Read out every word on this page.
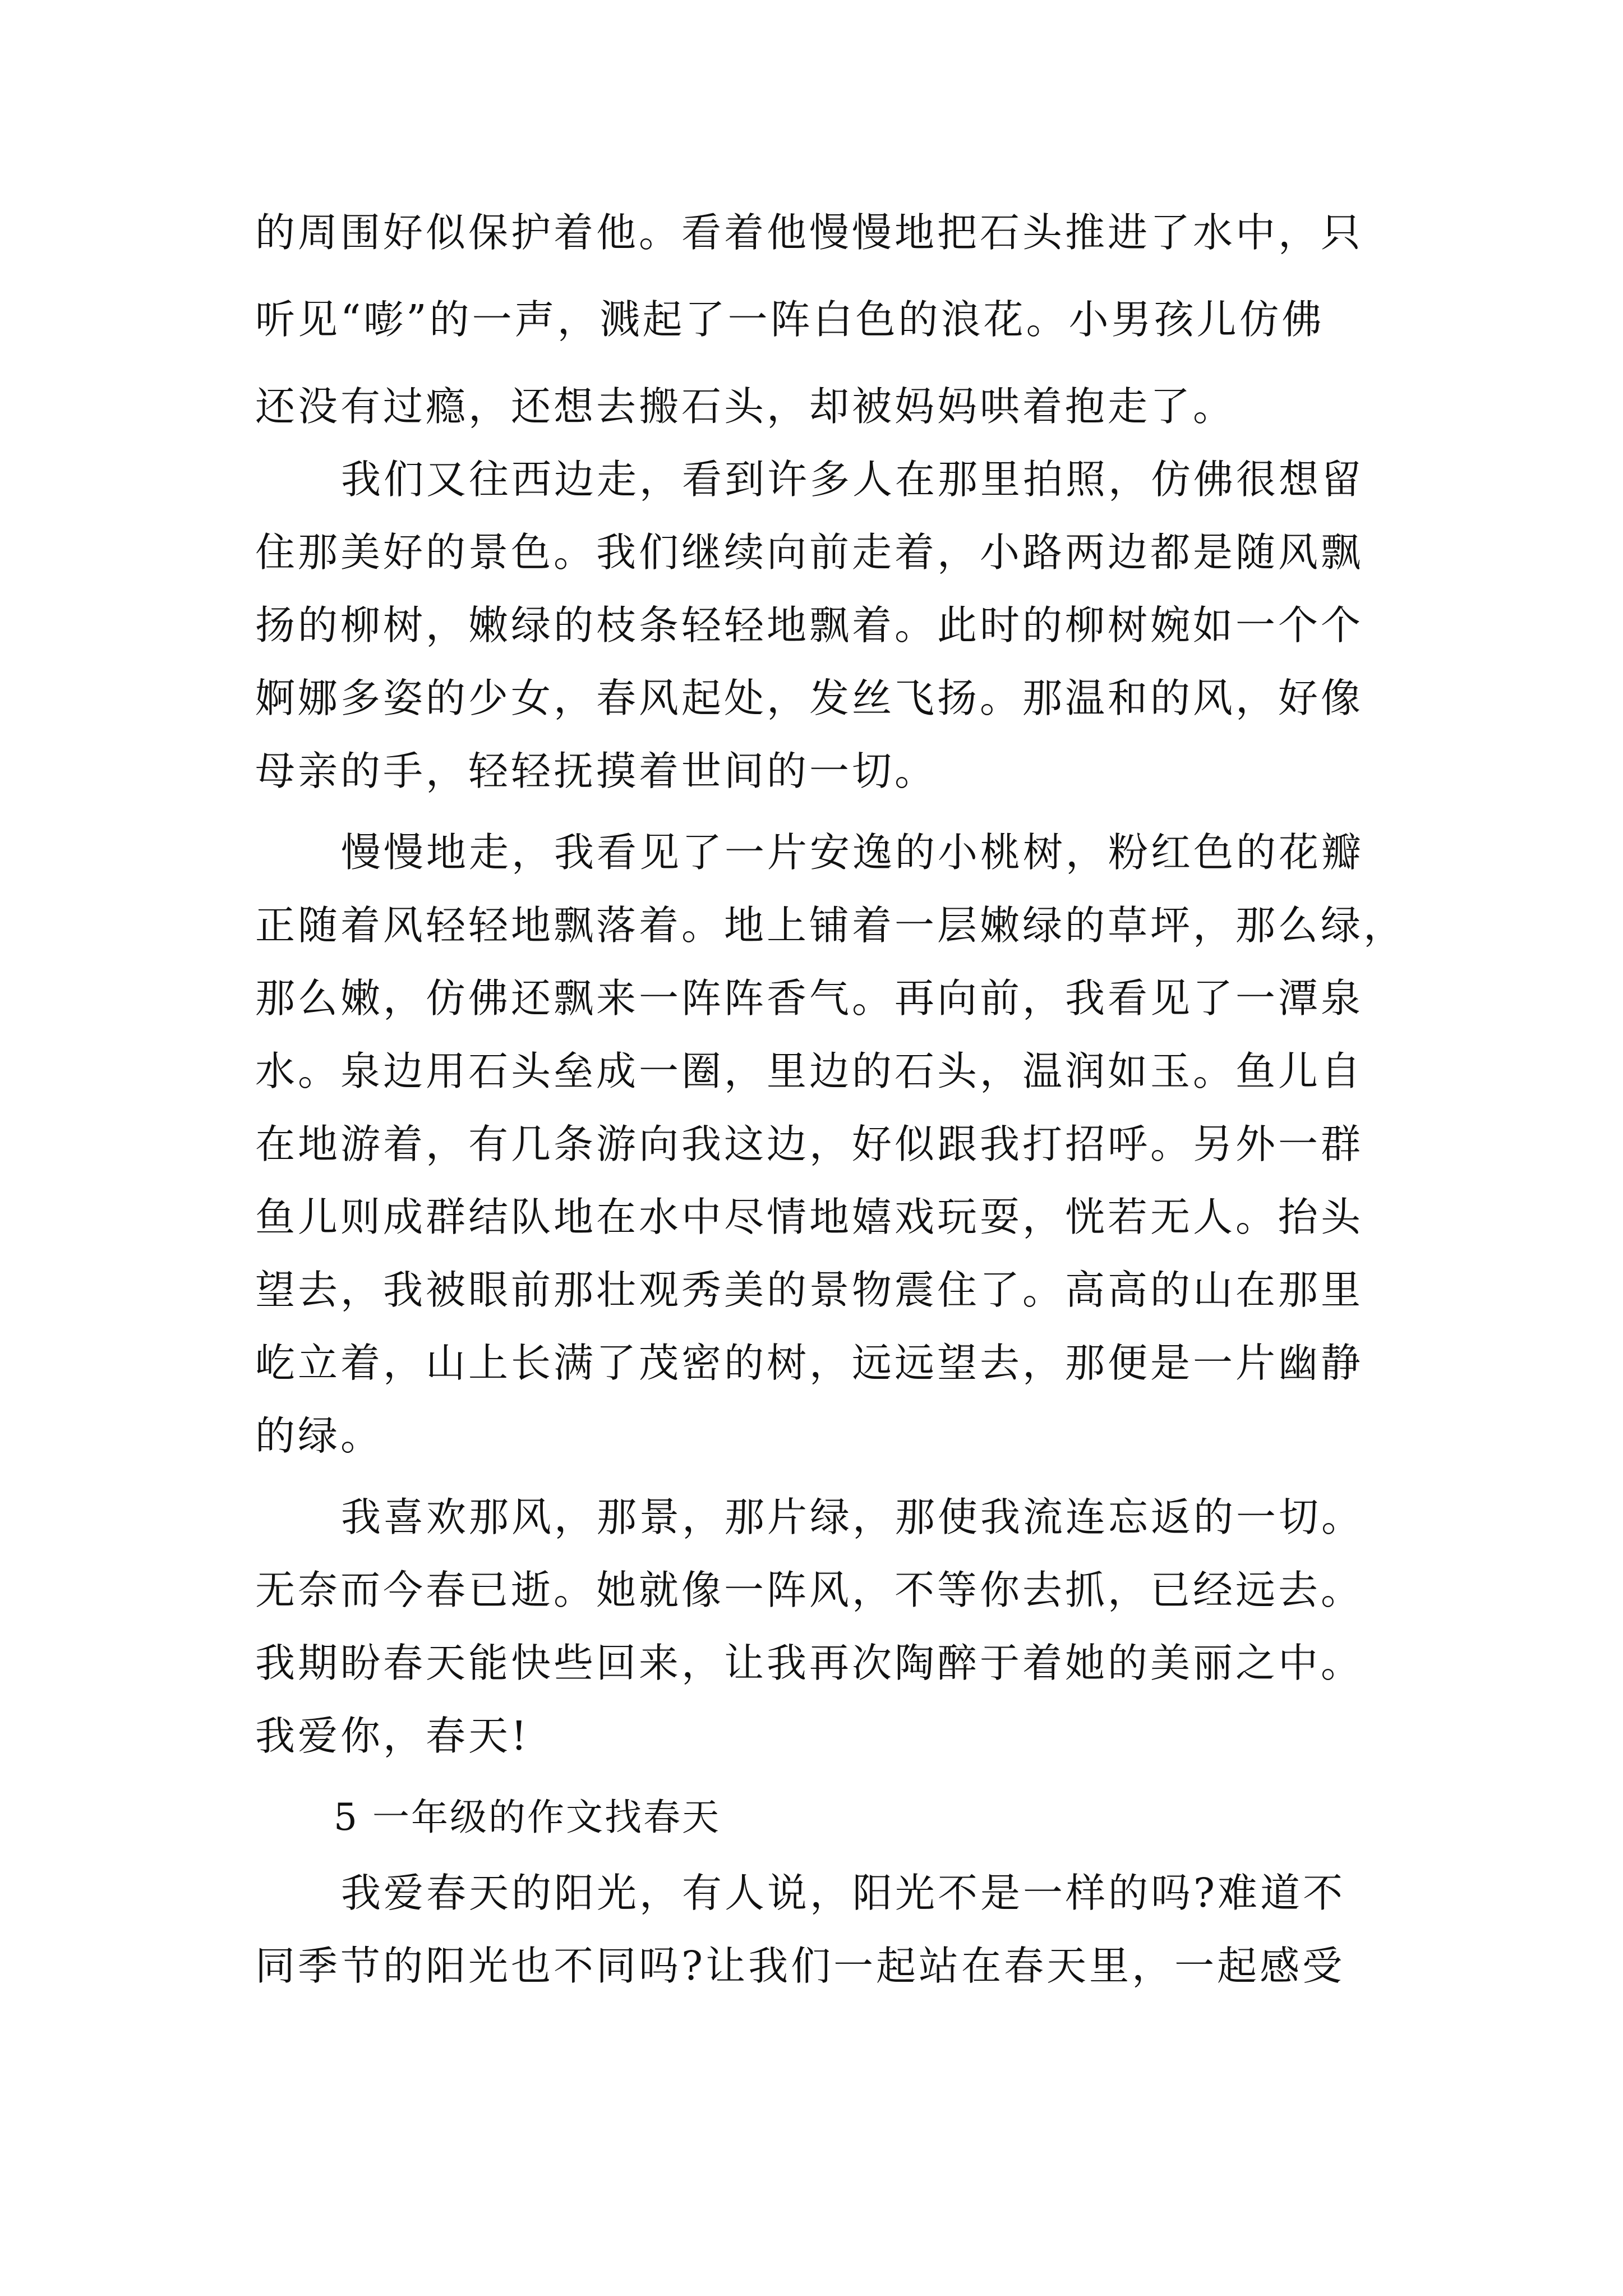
的周围好似保护着他。看着他慢慢地把石头推进了水中，只
听见“嘭”的一声，溅起了一阵白色的浪花。小男孩儿仿佛
还没有过瘾，还想去搬石头，却被妈妈哄着抱走了。
我们又往西边走，看到许多人在那里拍照，仿佛很想留
住那美好的景色。我们继续向前走着，小路两边都是随风飘
扬的柳树，嫩绿的枝条轻轻地飘着。此时的柳树婉如一个个
婀娜多姿的少女，春风起处，发丝飞扬。那温和的风，好像
母亲的手，轻轻抚摸着世间的一切。
慢慢地走，我看见了一片安逸的小桃树，粉红色的花瓣
正随着风轻轻地飘落着。地上铺着一层嫩绿的草坪，那么绿，
那么嫩，仿佛还飘来一阵阵香气。再向前，我看见了一潭泉
水。泉边用石头垒成一圈，里边的石头，温润如玉。鱼儿自
在地游着，有几条游向我这边，好似跟我打招呼。另外一群
鱼儿则成群结队地在水中尽情地嬉戏玩耍，恍若无人。抬头
望去，我被眼前那壮观秀美的景物震住了。高高的山在那里
屹立着，山上长满了茂密的树，远远望去，那便是一片幽静
的绿。
我喜欢那风，那景，那片绿，那使我流连忘返的一切。
无奈而今春已逝。她就像一阵风，不等你去抓，已经远去。
我期盼春天能快些回来，让我再次陶醉于着她的美丽之中。
我爱你，春天!
5 一年级的作文找春天
我爱春天的阳光，有人说，阳光不是一样的吗?难道不
同季节的阳光也不同吗?让我们一起站在春天里，一起感受
